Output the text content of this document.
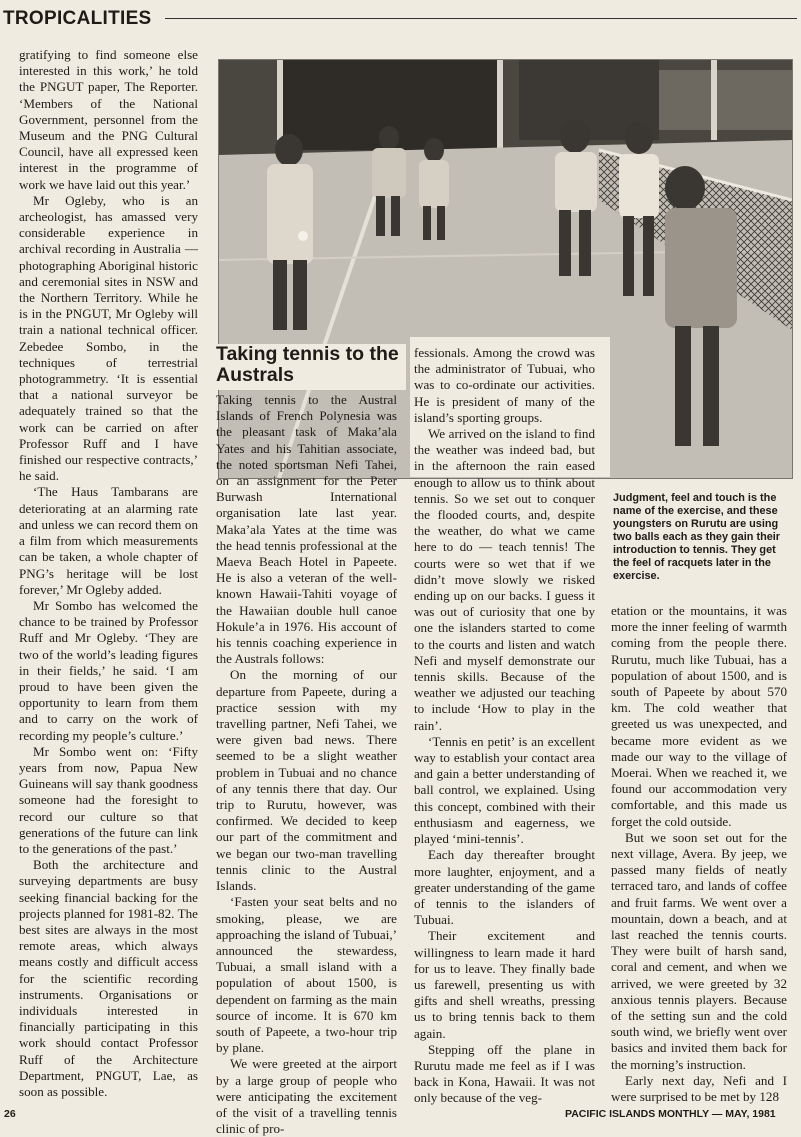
TROPICALITIES
Taking tennis to the Australs

gratifying to find someone else interested in this work,’ he told the PNGUT paper, The Reporter. ‘Members of the National Government, personnel from the Museum and the PNG Cultural Council, have all expressed keen interest in the programme of work we have laid out this year.’

Mr Ogleby, who is an archeologist, has amassed very considerable experience in archival recording in Australia — photographing Aboriginal historic and ceremonial sites in NSW and the Northern Territory. While he is in the PNGUT, Mr Ogleby will train a national technical officer. Zebedee Sombo, in the techniques of terrestrial photogrammetry. ‘It is essential that a national surveyor be adequately trained so that the work can be carried on after Professor Ruff and I have finished our respective contracts,’ he said.

‘The Haus Tambarans are deteriorating at an alarming rate and unless we can record them on a film from which measurements can be taken, a whole chapter of PNG’s heritage will be lost forever,’ Mr Ogleby added.

Mr Sombo has welcomed the chance to be trained by Professor Ruff and Mr Ogleby. ‘They are two of the world’s leading figures in their fields,’ he said. ‘I am proud to have been given the opportunity to learn from them and to carry on the work of recording my people’s culture.’

Mr Sombo went on: ‘Fifty years from now, Papua New Guineans will say thank goodness someone had the foresight to record our culture so that generations of the future can link to the generations of the past.’

Both the architecture and surveying departments are busy seeking financial backing for the projects planned for 1981-82. The best sites are always in the most remote areas, which always means costly and difficult access for the scientific recording instruments. Organisations or individuals interested in financially participating in this work should contact Professor Ruff of the Architecture Department, PNGUT, Lae, as soon as possible.

Taking tennis to the Austral Islands of French Polynesia was the pleasant task of Maka’ala Yates and his Tahitian associate, the noted sportsman Nefi Tahei, on an assignment for the Peter Burwash International organisation late last year. Maka’ala Yates at the time was the head tennis professional at the Maeva Beach Hotel in Papeete. He is also a veteran of the well-known Hawaii-Tahiti voyage of the Hawaiian double hull canoe Hokule’a in 1976. His account of his tennis coaching experience in the Australs follows:

On the morning of our departure from Papeete, during a practice session with my travelling partner, Nefi Tahei, we were given bad news. There seemed to be a slight weather problem in Tubuai and no chance of any tennis there that day. Our trip to Rurutu, however, was confirmed. We decided to keep our part of the commitment and we began our two-man travelling tennis clinic to the Austral Islands.

‘Fasten your seat belts and no smoking, please, we are approaching the island of Tubuai,’ announced the stewardess, Tubuai, a small island with a population of about 1500, is dependent on farming as the main source of income. It is 670 km south of Papeete, a two-hour trip by plane.

We were greeted at the airport by a large group of people who were anticipating the excitement of the visit of a travelling tennis clinic of pro-

fessionals. Among the crowd was the administrator of Tubuai, who was to co-ordinate our activities. He is president of many of the island’s sporting groups.

We arrived on the island to find the weather was indeed bad, but in the afternoon the rain eased enough to allow us to think about tennis. So we set out to conquer the flooded courts, and, despite the weather, do what we came here to do — teach tennis! The courts were so wet that if we didn’t move slowly we risked ending up on our backs. I guess it was out of curiosity that one by one the islanders started to come to the courts and listen and watch Nefi and myself demonstrate our tennis skills. Because of the weather we adjusted our teaching to include ‘How to play in the rain’.

‘Tennis en petit’ is an excellent way to establish your contact area and gain a better understanding of ball control, we explained. Using this concept, combined with their enthusiasm and eagerness, we played ‘mini-tennis’.

Each day thereafter brought more laughter, enjoyment, and a greater understanding of the game of tennis to the islanders of Tubuai.

Their excitement and willingness to learn made it hard for us to leave. They finally bade us farewell, presenting us with gifts and shell wreaths, pressing us to bring tennis back to them again.

Stepping off the plane in Rurutu made me feel as if I was back in Kona, Hawaii. It was not only because of the veg-

Judgment, feel and touch is the name of the exercise, and these youngsters on Rurutu are using two balls each as they gain their introduction to tennis. They get the feel of racquets later in the exercise.

etation or the mountains, it was more the inner feeling of warmth coming from the people there. Rurutu, much like Tubuai, has a population of about 1500, and is south of Papeete by about 570 km. The cold weather that greeted us was unexpected, and became more evident as we made our way to the village of Moerai. When we reached it, we found our accommodation very comfortable, and this made us forget the cold outside.

But we soon set out for the next village, Avera. By jeep, we passed many fields of neatly terraced taro, and lands of coffee and fruit farms. We went over a mountain, down a beach, and at last reached the tennis courts. They were built of harsh sand, coral and cement, and when we arrived, we were greeted by 32 anxious tennis players. Because of the setting sun and the cold south wind, we briefly went over basics and invited them back for the morning’s instruction.

Early next day, Nefi and I were surprised to be met by 128

26	PACIFIC ISLANDS MONTHLY — MAY, 1981
